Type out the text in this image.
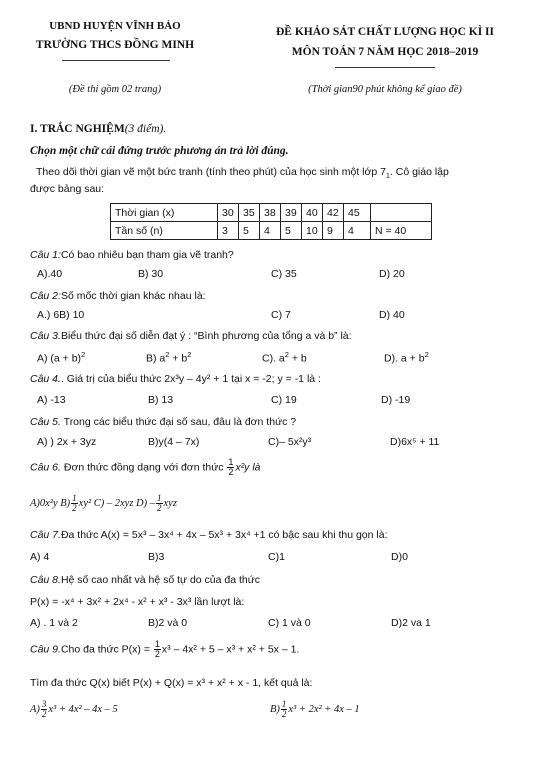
UBND HUYỆN VĨNH BẢO
TRƯỜNG THCS ĐỒNG MINH
(Đề thi gồm 02 trang)
ĐỀ KHẢO SÁT CHẤT LƯỢNG HỌC KÌ II
MÔN TOÁN 7 NĂM HỌC 2018–2019
(Thời gian90 phút không kể giao đề)
I. TRẮC NGHIỆM(3 điểm).
Chọn một chữ cái đứng trước phương án trả lời đúng.
Theo dõi thời gian vẽ một bức tranh (tính theo phút) của học sinh một lớp $7_1$. Cô giáo lập
được bảng sau:
Thời gian (x)	30	35	38	39	40	42	45	
Tần số (n)	3	5	4	5	10	9	4	N = 40
Câu 1:Có bao nhiêu bạn tham gia vẽ tranh?
A).40	B) 30	C) 35	D) 20
Câu 2:Số mốc thời gian khác nhau là:
A.) 6B) 10	C) 7	D) 40
Câu 3.Biểu thức đại số diễn đạt ý : “Bình phương của tổng a và b” là:
A) $(a + b)^2$	B) $a^2 + b^2$	C). $a^2 + b$	D). $a + b^2$
Câu 4.. Giá trị của biểu thức 2x³y – 4y² + 1 tại x = -2; y = -1 là :
A) -13	B) 13	C) 19	D) -19
Câu 5. Trong các biểu thức đại số sau, đâu là đơn thức ?
A) ) 2x + 3yz	B)y(4 – 7x)	C)– 5x²y³	D)6x⁵ + 11
Câu 6. Đơn thức đồng dạng với đơn thức $\frac{1}{2} x^2y$ là
A)0x²y $B) \frac{1}{2} xy^2$ C) – 2xyz $D) - \frac{1}{2}$ xyz
Câu 7.Đa thức A(x) = 5x³ – 3x⁴ + 4x – 5x³ + 3x⁴ +1 có bậc sau khi thu gọn là:
A) 4	B)3	C)1	D)0
Câu 8.Hệ số cao nhất và hệ số tự do của đa thức
P(x) = -x⁴ + 3x² + 2x⁴ - x² + x³ - 3x³ lần lượt là:
A) . 1 và 2	B)2 và 0	C) 1 và 0	D)2 va 1
Câu 9.Cho đa thức $P(x) = \frac{1}{2} x^3 - 4x^2 + 5 - x^3 + x^2 + 5x - 1$.
Tìm đa thức Q(x) biết P(x) + Q(x) = x³ + x² + x - 1, kết quả là:
$A) \frac{3}{2} x^3 + 4x^2 - 4x - 5$	$B) \frac{1}{2} x^3 + 2x^2 + 4x - 1$
